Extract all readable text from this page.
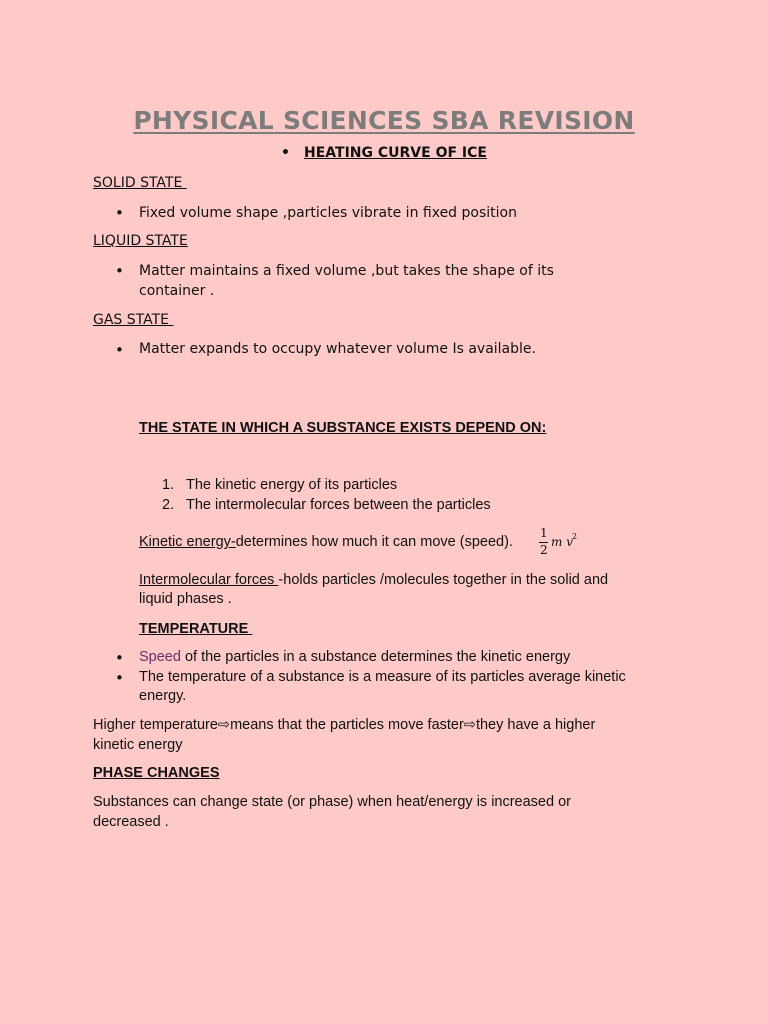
PHYSICAL SCIENCES SBA REVISION
• HEATING CURVE OF ICE
SOLID STATE
• Fixed volume shape ,particles vibrate in fixed position
LIQUID STATE
• Matter maintains a fixed volume ,but takes the shape of its
container .
GAS STATE
• Matter expands to occupy whatever volume Is available.
THE STATE IN WHICH A SUBSTANCE EXISTS DEPEND ON:
1. The kinetic energy of its particles
2. The intermolecular forces between the particles
Kinetic energy-determines how much it can move (speed).
1
2
m v 2
Intermolecular forces -holds particles /molecules together in the solid and
liquid phases .
TEMPERATURE
• Speed of the particles in a substance determines the kinetic energy
• The temperature of a substance is a measure of its particles average kinetic
energy.
Higher temperature⇨means that the particles move faster⇨they have a higher
kinetic energy
PHASE CHANGES
Substances can change state (or phase) when heat/energy is increased or
decreased .
